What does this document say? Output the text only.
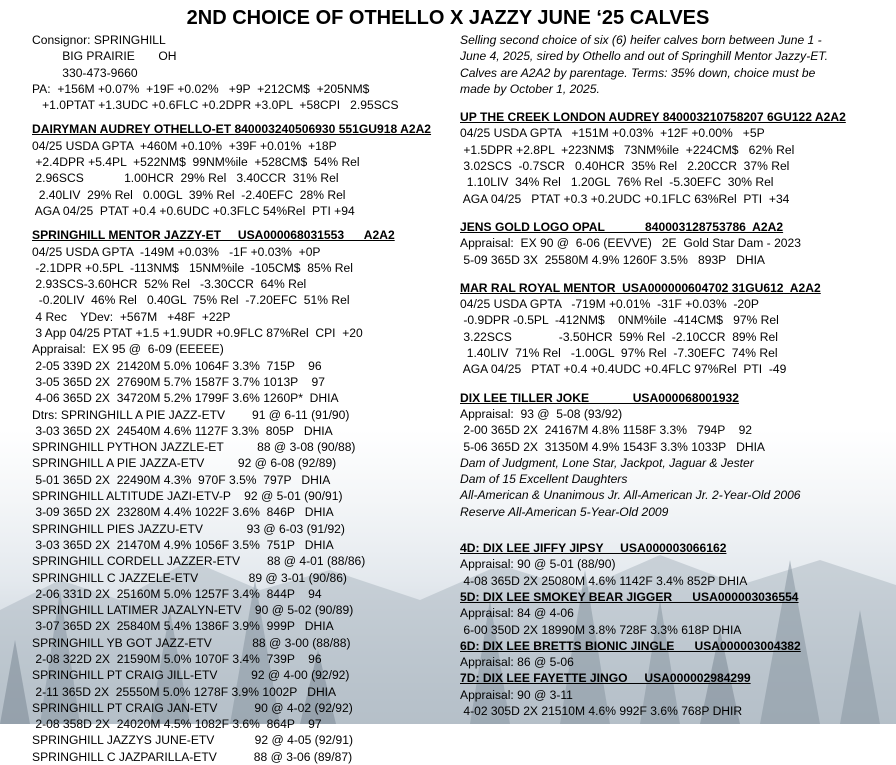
2ND CHOICE OF OTHELLO X JAZZY JUNE ‘25 CALVES
Consignor: SPRINGHILL
BIG PRAIRIE       OH
330-473-9660
PA:  +156M +0.07%  +19F +0.02%   +9P  +212CM$  +205NM$
+1.0PTAT +1.3UDC +0.6FLC +0.2DPR +3.0PL  +58CPI   2.95SCS
DAIRYMAN AUDREY OTHELLO-ET 840003240506930 551GU918 A2A2
04/25 USDA GPTA  +460M +0.10%  +39F +0.01%  +18P
+2.4DPR +5.4PL  +522NM$  99NM%ile  +528CM$  54% Rel
2.96SCS            1.00HCR  29% Rel   3.40CCR  31% Rel
2.40LIV  29% Rel   0.00GL  39% Rel  -2.40EFC  28% Rel
AGA 04/25  PTAT +0.4 +0.6UDC +0.3FLC 54%Rel  PTI +94
SPRINGHILL MENTOR JAZZY-ET     USA000068031553      A2A2
04/25 USDA GPTA  -149M +0.03%   -1F +0.03%  +0P
-2.1DPR +0.5PL  -113NM$   15NM%ile  -105CM$  85% Rel
2.93SCS-3.60HCR  52% Rel   -3.30CCR  64% Rel
-0.20LIV  46% Rel   0.40GL  75% Rel  -7.20EFC  51% Rel
4 Rec    YDev:  +567M   +48F  +22P
3 App 04/25 PTAT +1.5 +1.9UDR +0.9FLC 87%Rel  CPI  +20
Appraisal:  EX 95 @  6-09 (EEEEE)
2-05 339D 2X  21420M 5.0% 1064F 3.3%  715P    96
3-05 365D 2X  27690M 5.7% 1587F 3.7% 1013P    97
4-06 365D 2X  34720M 5.2% 1799F 3.6% 1260P*  DHIA
Dtrs: SPRINGHILL A PIE JAZZ-ETV        91 @ 6-11 (91/90)
3-03 365D 2X  24540M 4.6% 1127F 3.3%  805P   DHIA
SPRINGHILL PYTHON JAZZLE-ET          88 @ 3-08 (90/88)
SPRINGHILL A PIE JAZZA-ETV          92 @ 6-08 (92/89)
5-01 365D 2X  22490M 4.3%  970F 3.5%  797P   DHIA
SPRINGHILL ALTITUDE JAZI-ETV-P    92 @ 5-01 (90/91)
3-09 365D 2X  23280M 4.4% 1022F 3.6%  846P   DHIA
SPRINGHILL PIES JAZZU-ETV             93 @ 6-03 (91/92)
3-03 365D 2X  21470M 4.9% 1056F 3.5%  751P   DHIA
SPRINGHILL CORDELL JAZZER-ETV        88 @ 4-01 (88/86)
SPRINGHILL C JAZZELE-ETV               89 @ 3-01 (90/86)
2-06 331D 2X  25160M 5.0% 1257F 3.4%  844P    94
SPRINGHILL LATIMER JAZALYN-ETV    90 @ 5-02 (90/89)
3-07 365D 2X  25840M 5.4% 1386F 3.9%  999P   DHIA
SPRINGHILL YB GOT JAZZ-ETV            88 @ 3-00 (88/88)
2-08 322D 2X  21590M 5.0% 1070F 3.4%  739P    96
SPRINGHILL PT CRAIG JILL-ETV          92 @ 4-00 (92/92)
2-11 365D 2X  25550M 5.0% 1278F 3.9% 1002P   DHIA
SPRINGHILL PT CRAIG JAN-ETV           90 @ 4-02 (92/92)
2-08 358D 2X  24020M 4.5% 1082F 3.6%  864P    97
SPRINGHILL JAZZYS JUNE-ETV            92 @ 4-05 (92/91)
SPRINGHILL C JAZPARILLA-ETV           88 @ 3-06 (89/87)
Selling second choice of six (6) heifer calves born between June 1 -
June 4, 2025, sired by Othello and out of Springhill Mentor Jazzy-ET.
Calves are A2A2 by parentage. Terms: 35% down, choice must be
made by October 1, 2025.
UP THE CREEK LONDON AUDREY 840003210758207 6GU122 A2A2
04/25 USDA GPTA   +151M +0.03%  +12F +0.00%   +5P
+1.5DPR +2.8PL  +223NM$   73NM%ile  +224CM$   62% Rel
3.02SCS  -0.7SCR   0.40HCR  35% Rel   2.20CCR  37% Rel
1.10LIV  34% Rel   1.20GL  76% Rel  -5.30EFC  30% Rel
AGA 04/25   PTAT +0.3 +0.2UDC +0.1FLC 63%Rel  PTI  +34
JENS GOLD LOGO OPAL            840003128753786  A2A2
Appraisal:  EX 90 @  6-06 (EEVVE)   2E  Gold Star Dam - 2023
5-09 365D 3X  25580M 4.9% 1260F 3.5%   893P   DHIA
MAR RAL ROYAL MENTOR  USA000000604702 31GU612  A2A2
04/25 USDA GPTA   -719M +0.01%  -31F +0.03%  -20P
-0.9DPR -0.5PL  -412NM$    0NM%ile  -414CM$   97% Rel
3.22SCS              -3.50HCR  59% Rel  -2.10CCR  89% Rel
1.40LIV  71% Rel   -1.00GL  97% Rel  -7.30EFC  74% Rel
AGA 04/25   PTAT +0.4 +0.4UDC +0.4FLC 97%Rel  PTI  -49
DIX LEE TILLER JOKE             USA000068001932
Appraisal:  93 @  5-08 (93/92)
2-00 365D 2X  24167M 4.8% 1158F 3.3%   794P    92
5-06 365D 2X  31350M 4.9% 1543F 3.3% 1033P   DHIA
Dam of Judgment, Lone Star, Jackpot, Jaguar & Jester
Dam of 15 Excellent Daughters
All-American & Unanimous Jr. All-American Jr. 2-Year-Old 2006
Reserve All-American 5-Year-Old 2009
4D: DIX LEE JIFFY JIPSY     USA000003066162
Appraisal: 90 @ 5-01 (88/90)
4-08 365D 2X 25080M 4.6% 1142F 3.4% 852P DHIA
5D: DIX LEE SMOKEY BEAR JIGGER      USA000003036554
Appraisal: 84 @ 4-06
6-00 350D 2X 18990M 3.8% 728F 3.3% 618P DHIA
6D: DIX LEE BRETTS BIONIC JINGLE      USA000003004382
Appraisal: 86 @ 5-06
7D: DIX LEE FAYETTE JINGO     USA000002984299
Appraisal: 90 @ 3-11
4-02 305D 2X 21510M 4.6% 992F 3.6% 768P DHIR
